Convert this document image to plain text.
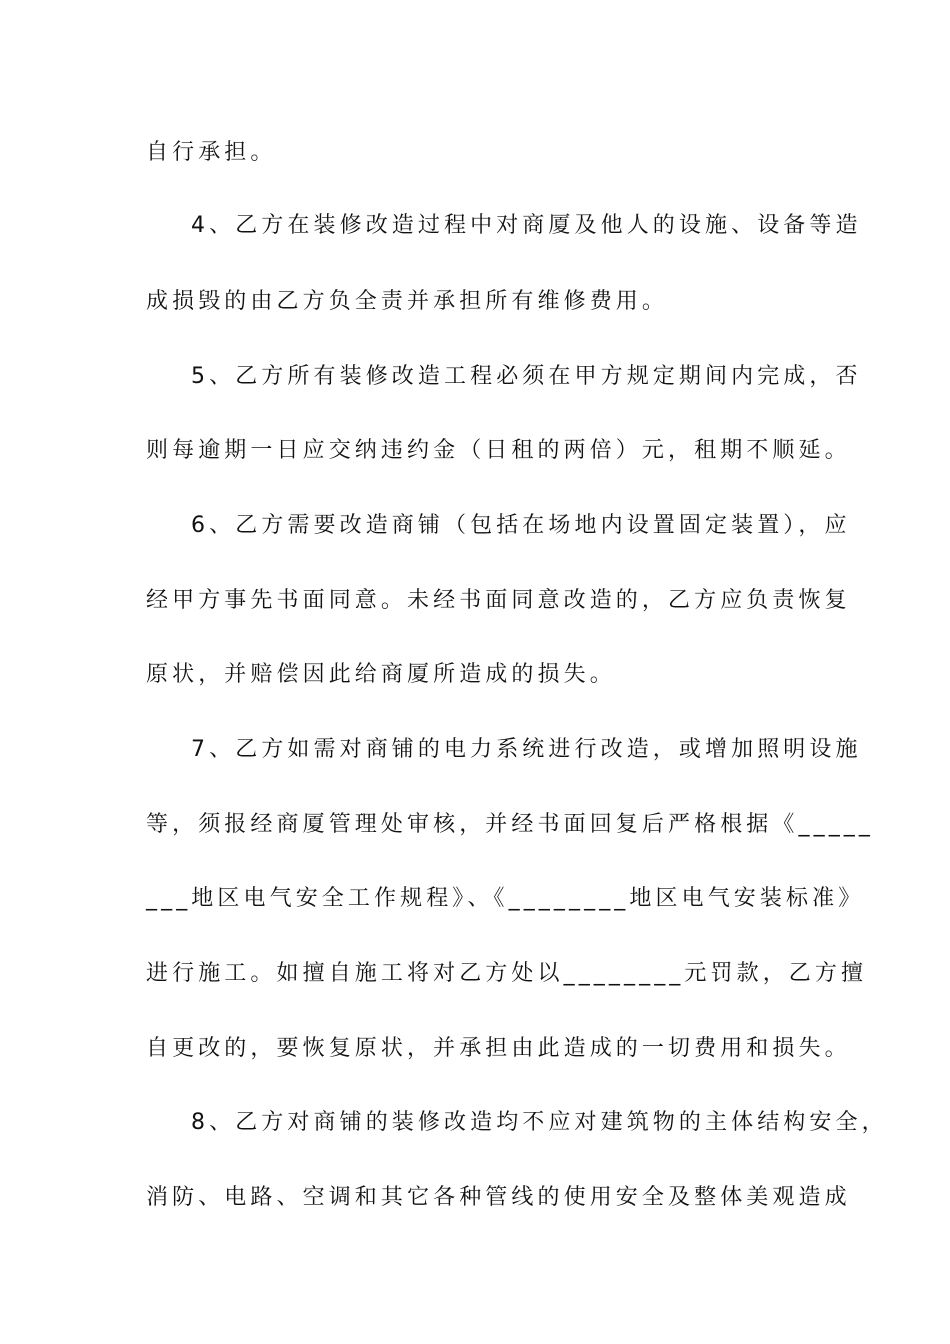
自行承担。
4、乙方在装修改造过程中对商厦及他人的设施、设备等造
成损毁的由乙方负全责并承担所有维修费用。
5、乙方所有装修改造工程必须在甲方规定期间内完成，否
则每逾期一日应交纳违约金（日租的两倍）元，租期不顺延。
6、乙方需要改造商铺（包括在场地内设置固定装置），应
经甲方事先书面同意。未经书面同意改造的，乙方应负责恢复
原状，并赔偿因此给商厦所造成的损失。
7、乙方如需对商铺的电力系统进行改造，或增加照明设施
等，须报经商厦管理处审核，并经书面回复后严格根据《_____
___地区电气安全工作规程》、《________地区电气安装标准》
进行施工。如擅自施工将对乙方处以________元罚款，乙方擅
自更改的，要恢复原状，并承担由此造成的一切费用和损失。
8、乙方对商铺的装修改造均不应对建筑物的主体结构安全，
消防、电路、空调和其它各种管线的使用安全及整体美观造成
